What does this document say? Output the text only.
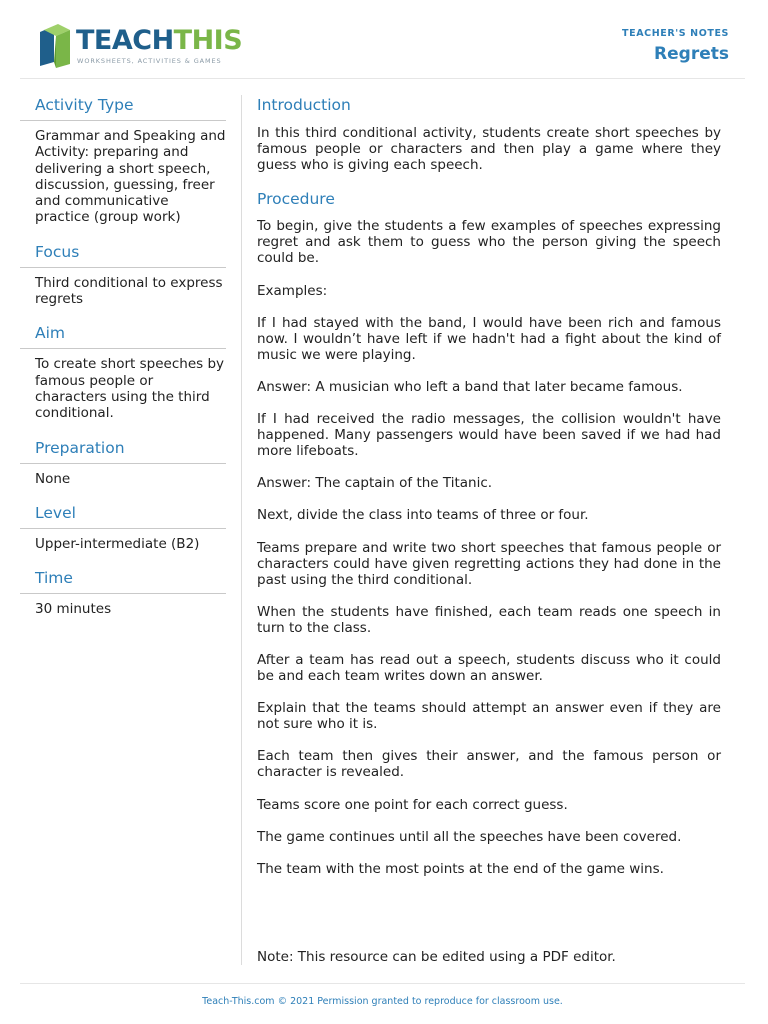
TEACHTHIS
WORKSHEETS, ACTIVITIES & GAMES
TEACHER'S NOTES
Regrets
Activity Type
Grammar and Speaking and Activity: preparing and delivering a short speech, discussion, guessing, freer and communicative practice (group work)
Focus
Third conditional to express regrets
Aim
To create short speeches by famous people or characters using the third conditional.
Preparation
None
Level
Upper-intermediate (B2)
Time
30 minutes
Introduction

In this third conditional activity, students create short speeches by famous people or characters and then play a game where they guess who is giving each speech.

Procedure

To begin, give the students a few examples of speeches expressing regret and ask them to guess who the person giving the speech could be.

Examples:

If I had stayed with the band, I would have been rich and famous now. I wouldn’t have left if we hadn't had a fight about the kind of music we were playing.

Answer: A musician who left a band that later became famous.

If I had received the radio messages, the collision wouldn't have happened. Many passengers would have been saved if we had had more lifeboats.

Answer: The captain of the Titanic.

Next, divide the class into teams of three or four.

Teams prepare and write two short speeches that famous people or characters could have given regretting actions they had done in the past using the third conditional.

When the students have finished, each team reads one speech in turn to the class.

After a team has read out a speech, students discuss who it could be and each team writes down an answer.

Explain that the teams should attempt an answer even if they are not sure who it is.

Each team then gives their answer, and the famous person or character is revealed.

Teams score one point for each correct guess.

The game continues until all the speeches have been covered.

The team with the most points at the end of the game wins.

Note: This resource can be edited using a PDF editor.
Teach-This.com © 2021 Permission granted to reproduce for classroom use.
